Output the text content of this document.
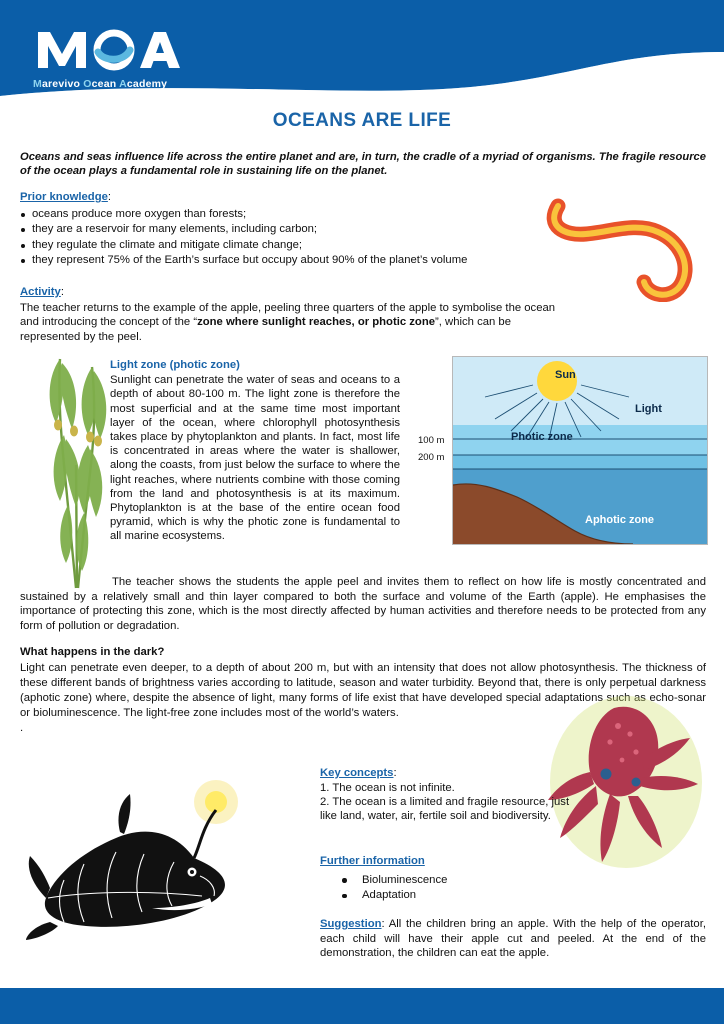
Marevivo Ocean Academy
OCEANS ARE LIFE
Oceans and seas influence life across the entire planet and are, in turn, the cradle of a myriad of organisms. The fragile resource of the ocean plays a fundamental role in sustaining life on the planet.
Prior knowledge:
oceans produce more oxygen than forests;
they are a reservoir for many elements, including carbon;
they regulate the climate and mitigate climate change;
they represent 75% of the Earth’s surface but occupy about 90% of the planet’s volume
Activity:
The teacher returns to the example of the apple, peeling three quarters of the apple to symbolise the ocean and introducing the concept of the “zone where sunlight reaches, or photic zone”, which can be represented by the peel.
Light zone (photic zone)
Sunlight can penetrate the water of seas and oceans to a depth of about 80-100 m. The light zone is therefore the most superficial and at the same time most important layer of the ocean, where chlorophyll photosynthesis takes place by phytoplankton and plants. In fact, most life is concentrated in areas where the water is shallower, along the coasts, from just below the surface to where the light reaches, where nutrients combine with those coming from the land and photosynthesis is at its maximum. Phytoplankton is at the base of the entire ocean food pyramid, which is why the photic zone is fundamental to all marine ecosystems.
100 m
200 m
Sun
Light
Photic zone
Aphotic zone
The teacher shows the students the apple peel and invites them to reflect on how life is mostly concentrated and sustained by a relatively small and thin layer compared to both the surface and volume of the Earth (apple). He emphasises the importance of protecting this zone, which is the most directly affected by human activities and therefore needs to be protected from any form of pollution or degradation.
What happens in the dark?
Light can penetrate even deeper, to a depth of about 200 m, but with an intensity that does not allow photosynthesis. The thickness of these different bands of brightness varies according to latitude, season and water turbidity. Beyond that, there is only perpetual darkness (aphotic zone) where, despite the absence of light, many forms of life exist that have developed special adaptations such as echo-sonar or bioluminescence. The light-free zone includes most of the world’s waters.
.
Key concepts:
1. The ocean is not infinite.
2. The ocean is a limited and fragile resource, just like land, water, air, fertile soil and biodiversity.
Further information
Bioluminescence
Adaptation
Suggestion: All the children bring an apple. With the help of the operator, each child will have their apple cut and peeled. At the end of the demonstration, the children can eat the apple.
